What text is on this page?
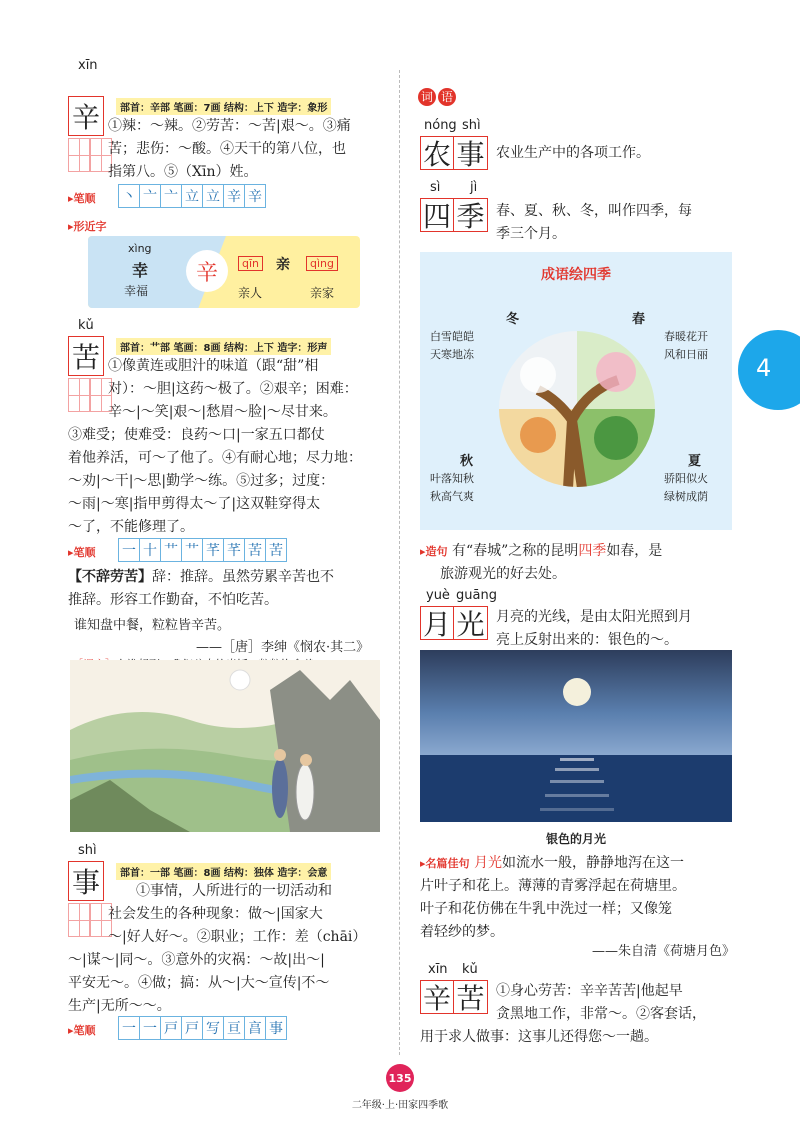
xīn
辛	部首：辛部 笔画：7画 结构：上下 造字：象形
①辣：～辣。②劳苦：～苦|艰～。③痛
苦；悲伤：～酸。④天干的第八位，也
指第八。⑤（Xīn）姓。
▸ 笔顺 丶 亠 亠 立 立 辛 辛
▸ 形近字
xìng
幸
幸福
辛	qīn 亲	qìng
亲人	亲家
kǔ
苦	部首：艹部 笔画：8画 结构：上下 造字：形声
①像黄连或胆汁的味道（跟“甜”相
对）：～胆|这药～极了。②艰辛；困难：
辛～|～笑|艰～|愁眉～脸|～尽甘来。
③难受；使难受：良药～口|一家五口都仗
着他养活，可～了他了。④有耐心地；尽力地：
～劝|～干|～思|勤学～练。⑤过多；过度：
～雨|～寒|指甲剪得太～了|这双鞋穿得太
～了，不能修理了。
▸ 笔顺 一 十 艹 艹 芊 芊 苦 苦
【不辞劳苦】辞：推辞。虽然劳累辛苦也不
推辞。形容工作勤奋，不怕吃苦。
谁知盘中餐，粒粒皆辛苦。
——［唐］李绅《悯农·其二》
shì
事	部首：一部 笔画：8画 结构：独体 造字：会意
①事情，人所进行的一切活动和
社会发生的各种现象：做～|国家大
～|好人好～。②职业；工作：差（chāi）
～|谋～|同～。③意外的灾祸：～故|出～|
平安无～。④做；搞：从～|大～宣传|不～
生产|无所～～。
▸ 笔顺 一 一 戸 戸 写 亘 亯 事
词 语
nóng shì
农 事 农业生产中的各项工作。
sì jì
四 季 春、夏、秋、冬，叫作四季，每
季三个月。
成语绘四季
冬
白雪皑皑
天寒地冻
春
春暖花开
风和日丽
秋
叶落知秋
秋高气爽
夏
骄阳似火
绿树成荫
▸ 造句 有“春城”之称的昆明四季如春，是
旅游观光的好去处。
yuè guāng
月 光 月亮的光线，是由太阳光照到月
亮上反射出来的：银色的～。
银色的月光
▸ 名篇佳句 月光如流水一般，静静地泻在这一
片叶子和花上。薄薄的青雾浮起在荷塘里。
叶子和花仿佛在牛乳中洗过一样；又像笼
着轻纱的梦。
——朱自清《荷塘月色》
xīn kǔ
辛 苦 ①身心劳苦：辛辛苦苦|他起早
贪黑地工作，非常～。②客套话，
用于求人做事：这事儿还得您～一趟。
4
135
二年级·上·田家四季歌
